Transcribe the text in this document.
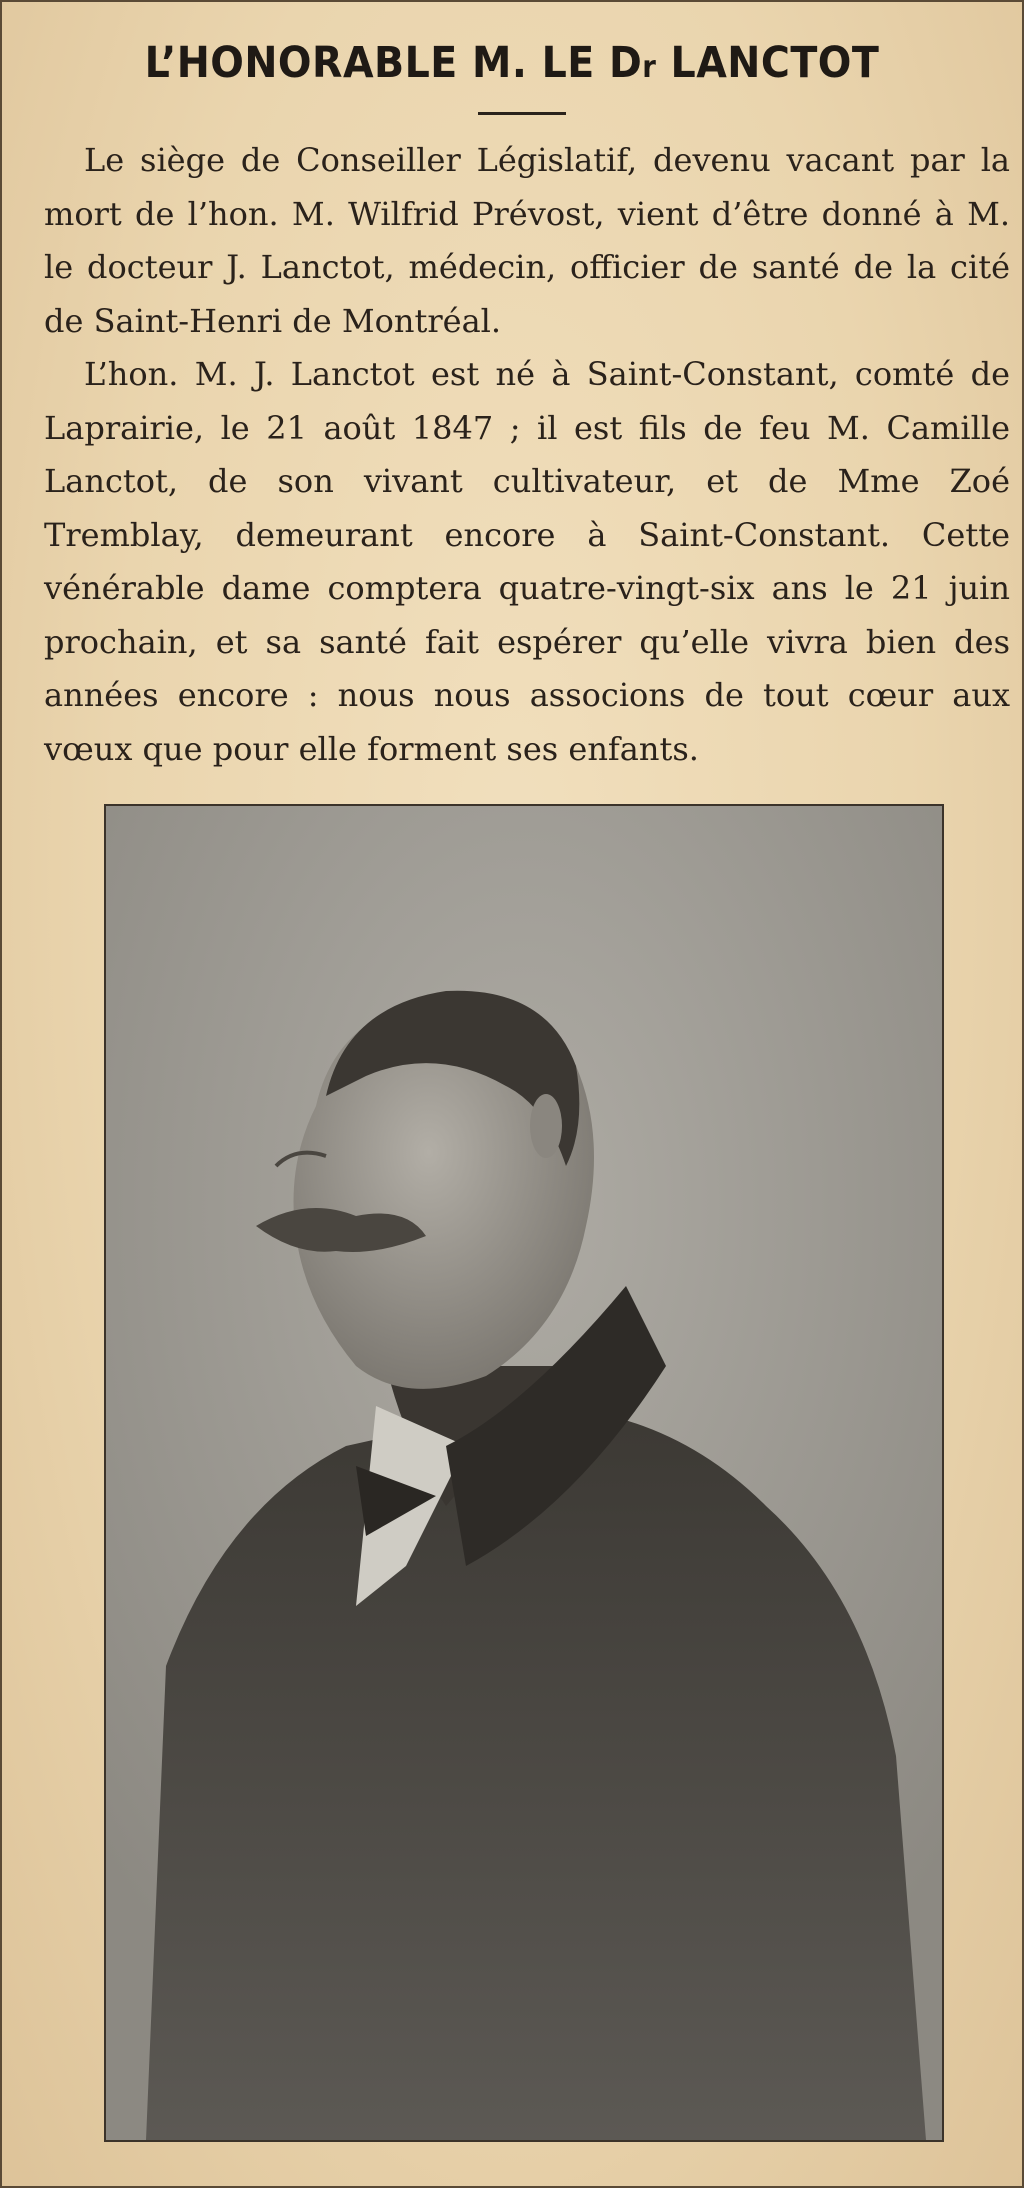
L’HONORABLE M. LE Dr LANCTOT

Le siège de Conseiller Législatif, devenu vacant par la mort de l’hon. M. Wilfrid Prévost, vient d’être donné à M. le docteur J. Lanctot, médecin, officier de santé de la cité de Saint-Henri de Montréal.

L’hon. M. J. Lanctot est né à Saint-Constant, comté de Laprairie, le 21 août 1847 ; il est fils de feu M. Camille Lanctot, de son vivant cultivateur, et de Mme Zoé Tremblay, demeurant encore à Saint-Constant. Cette vénérable dame comptera quatre-vingt-six ans le 21 juin prochain, et sa santé fait espérer qu’elle vivra bien des années encore : nous nous associons de tout cœur aux vœux que pour elle forment ses enfants.
